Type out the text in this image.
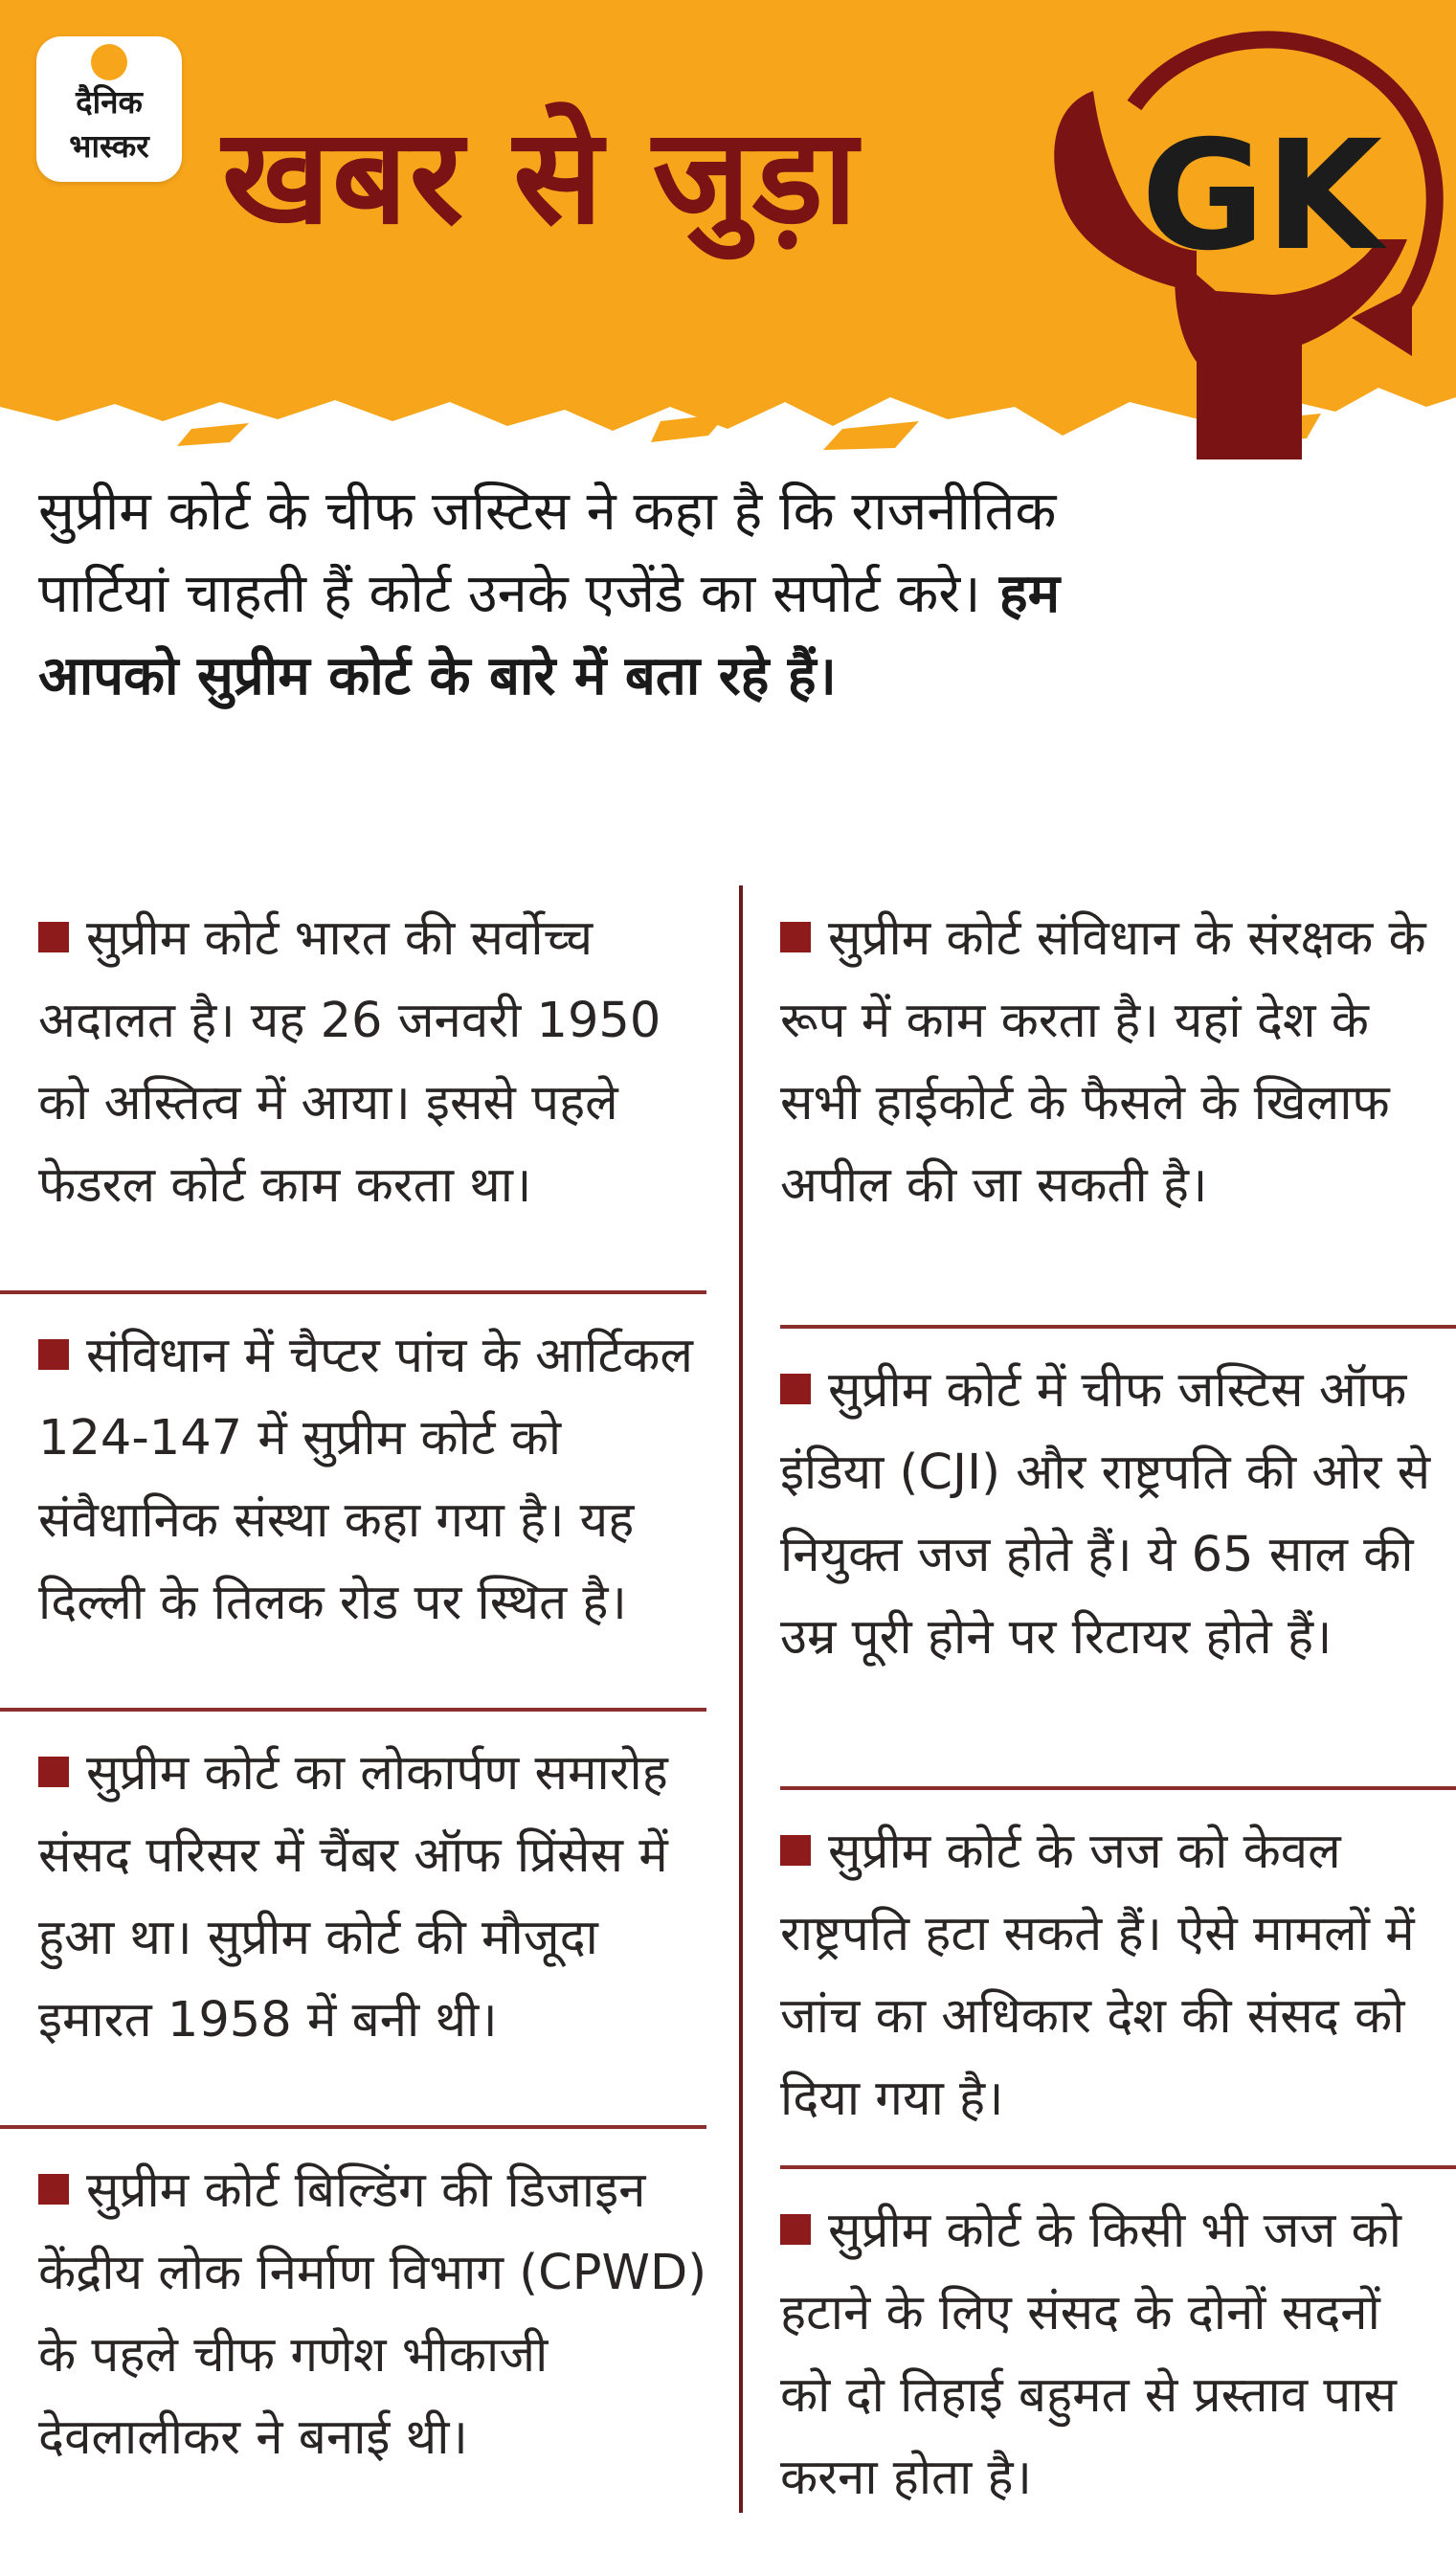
दैनिक
भास्कर खबर से जुड़ा GK
सुप्रीम कोर्ट के चीफ जस्टिस ने कहा है कि राजनीतिक पार्टियां चाहती हैं कोर्ट उनके एजेंडे का सपोर्ट करे। हम आपको सुप्रीम कोर्ट के बारे में बता रहे हैं।
सुप्रीम कोर्ट भारत की सर्वोच्च अदालत है। यह 26 जनवरी 1950 को अस्तित्व में आया। इससे पहले फेडरल कोर्ट काम करता था।
संविधान में चैप्टर पांच के आर्टिकल 124-147 में सुप्रीम कोर्ट को संवैधानिक संस्था कहा गया है। यह दिल्ली के तिलक रोड पर स्थित है।
सुप्रीम कोर्ट का लोकार्पण समारोह संसद परिसर में चैंबर ऑफ प्रिंसेस में हुआ था। सुप्रीम कोर्ट की मौजूदा इमारत 1958 में बनी थी।
सुप्रीम कोर्ट बिल्डिंग की डिजाइन केंद्रीय लोक निर्माण विभाग (CPWD) के पहले चीफ गणेश भीकाजी देवलालीकर ने बनाई थी।
सुप्रीम कोर्ट संविधान के संरक्षक के रूप में काम करता है। यहां देश के सभी हाईकोर्ट के फैसले के खिलाफ अपील की जा सकती है।
सुप्रीम कोर्ट में चीफ जस्टिस ऑफ इंडिया (CJI) और राष्ट्रपति की ओर से नियुक्त जज होते हैं। ये 65 साल की उम्र पूरी होने पर रिटायर होते हैं।
सुप्रीम कोर्ट के जज को केवल राष्ट्रपति हटा सकते हैं। ऐसे मामलों में जांच का अधिकार देश की संसद को दिया गया है।
सुप्रीम कोर्ट के किसी भी जज को हटाने के लिए संसद के दोनों सदनों को दो तिहाई बहुमत से प्रस्ताव पास करना होता है।
